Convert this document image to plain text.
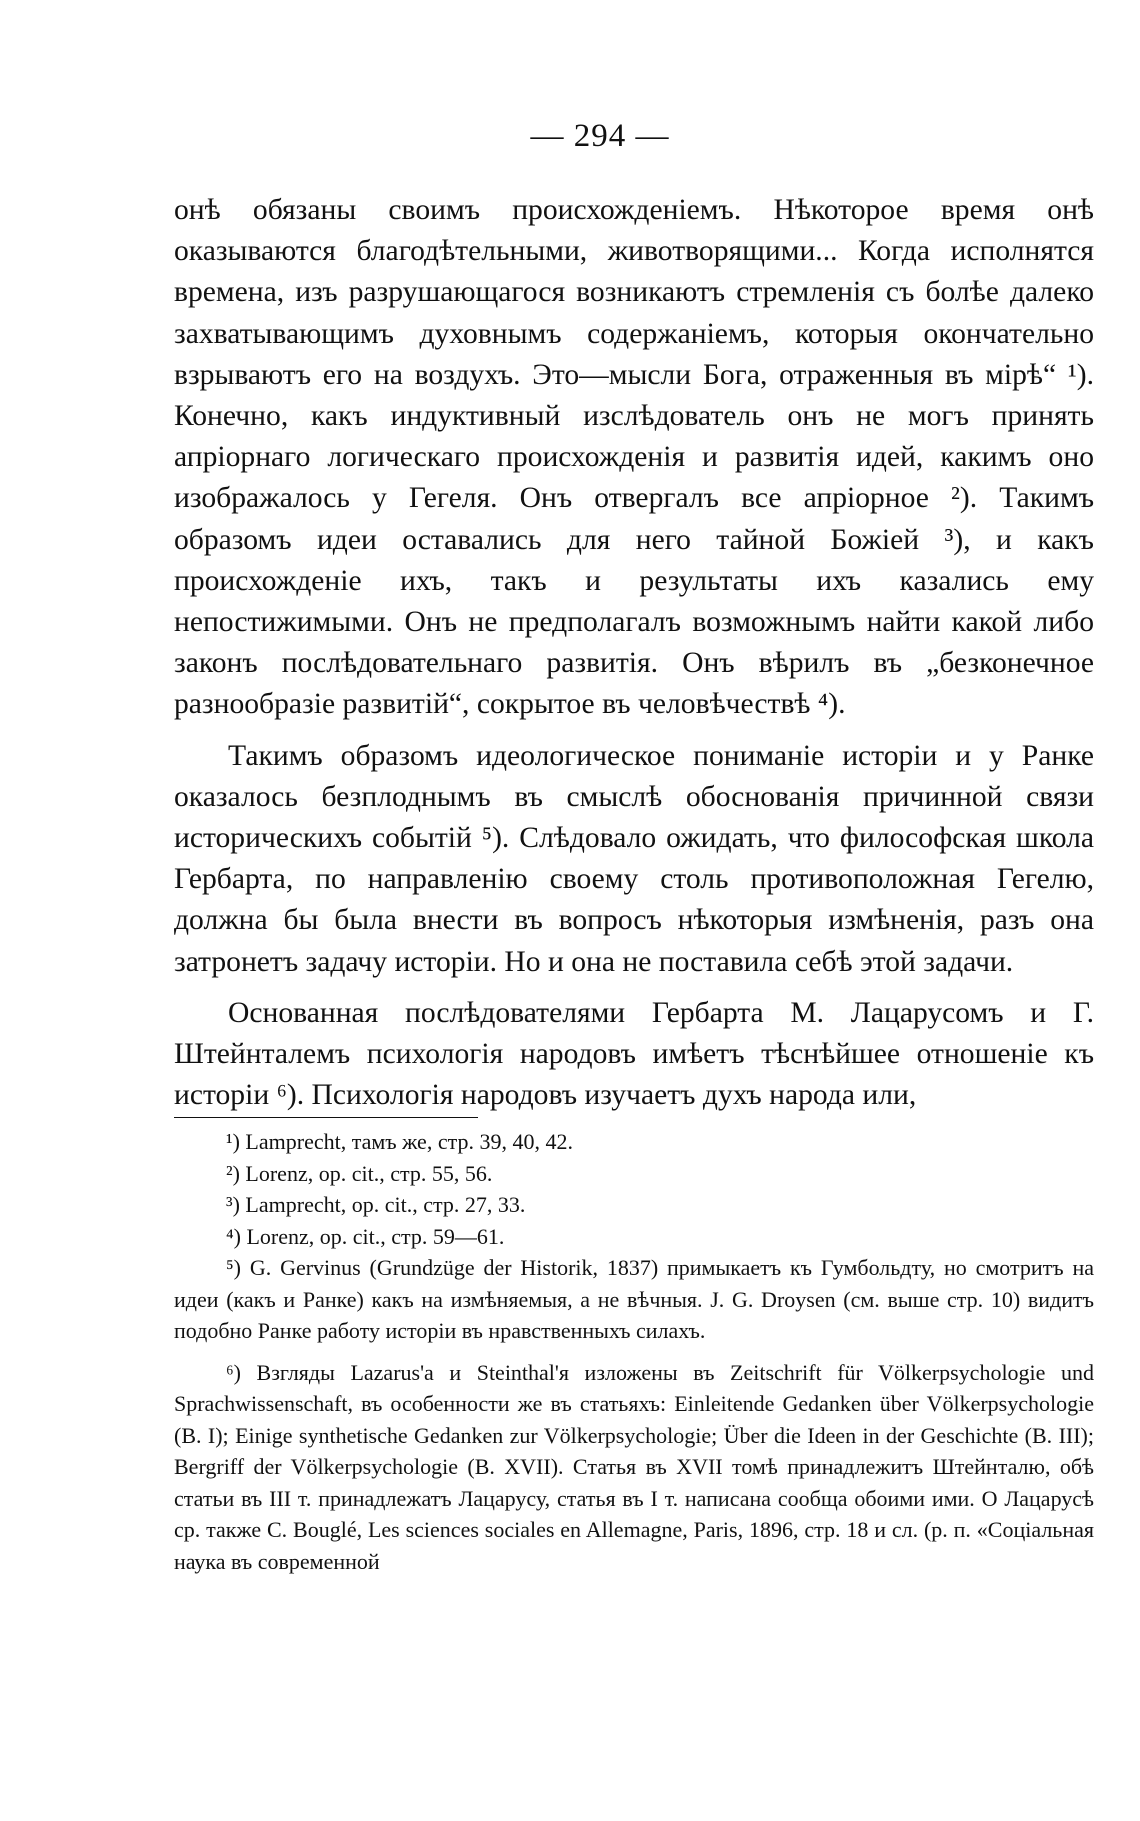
— 294 —

онѣ обязаны своимъ происхожденіемъ. Нѣкоторое время онѣ оказываются благодѣтельными, животворящими... Когда исполнятся времена, изъ разрушающагося возникаютъ стремленія съ болѣе далеко захватывающимъ духовнымъ содержаніемъ, которыя окончательно взрываютъ его на воздухъ. Это—мысли Бога, отраженныя въ мірѣ“ ¹). Конечно, какъ индуктивный изслѣдователь онъ не могъ принять апріорнаго логическаго происхожденія и развитія идей, какимъ оно изображалось у Гегеля. Онъ отвергалъ все апріорное ²). Такимъ образомъ идеи оставались для него тайной Божіей ³), и какъ происхожденіе ихъ, такъ и результаты ихъ казались ему непостижимыми. Онъ не предполагалъ возможнымъ найти какой либо законъ послѣдовательнаго развитія. Онъ вѣрилъ въ „безконечное разнообразіе развитій“, сокрытое въ человѣчествѣ ⁴).

Такимъ образомъ идеологическое пониманіе исторіи и у Ранке оказалось безплоднымъ въ смыслѣ обоснованія причинной связи историческихъ событій ⁵). Слѣдовало ожидать, что философская школа Гербарта, по направленію своему столь противоположная Гегелю, должна бы была внести въ вопросъ нѣкоторыя измѣненія, разъ она затронетъ задачу исторіи. Но и она не поставила себѣ этой задачи.

Основанная послѣдователями Гербарта М. Лацарусомъ и Г. Штейнталемъ психологія народовъ имѣетъ тѣснѣйшее отношеніе къ исторіи ⁶). Психологія народовъ изучаетъ духъ народа или,

¹) Lamprecht, тамъ же, стр. 39, 40, 42.

²) Lorenz, op. cit., стр. 55, 56.

³) Lamprecht, op. cit., стр. 27, 33.

⁴) Lorenz, op. cit., стр. 59—61.

⁵) G. Gervinus (Grundzüge der Historik, 1837) примыкаетъ къ Гумбольдту, но смотритъ на идеи (какъ и Ранке) какъ на измѣняемыя, а не вѣчныя. J. G. Droysen (см. выше стр. 10) видитъ подобно Ранке работу исторіи въ нравственныхъ силахъ.

⁶) Взгляды Lazarus'а и Steinthal'я изложены въ Zeitschrift für Völkerpsychologie und Sprachwissenschaft, въ особенности же въ статьяхъ: Einleitende Gedanken über Völkerpsychologie (B. I); Einige synthetische Gedanken zur Völkerpsychologie; Über die Ideen in der Geschichte (B. III); Bergriff der Völkerpsychologie (B. XVII). Статья въ XVII томѣ принадлежитъ Штейнталю, обѣ статьи въ III т. принадлежатъ Лацарусу, статья въ I т. написана сообща обоими ими. О Лацарусѣ ср. также C. Bouglé, Les sciences sociales en Allemagne, Paris, 1896, стр. 18 и сл. (р. п. «Соціальная наука въ современной
